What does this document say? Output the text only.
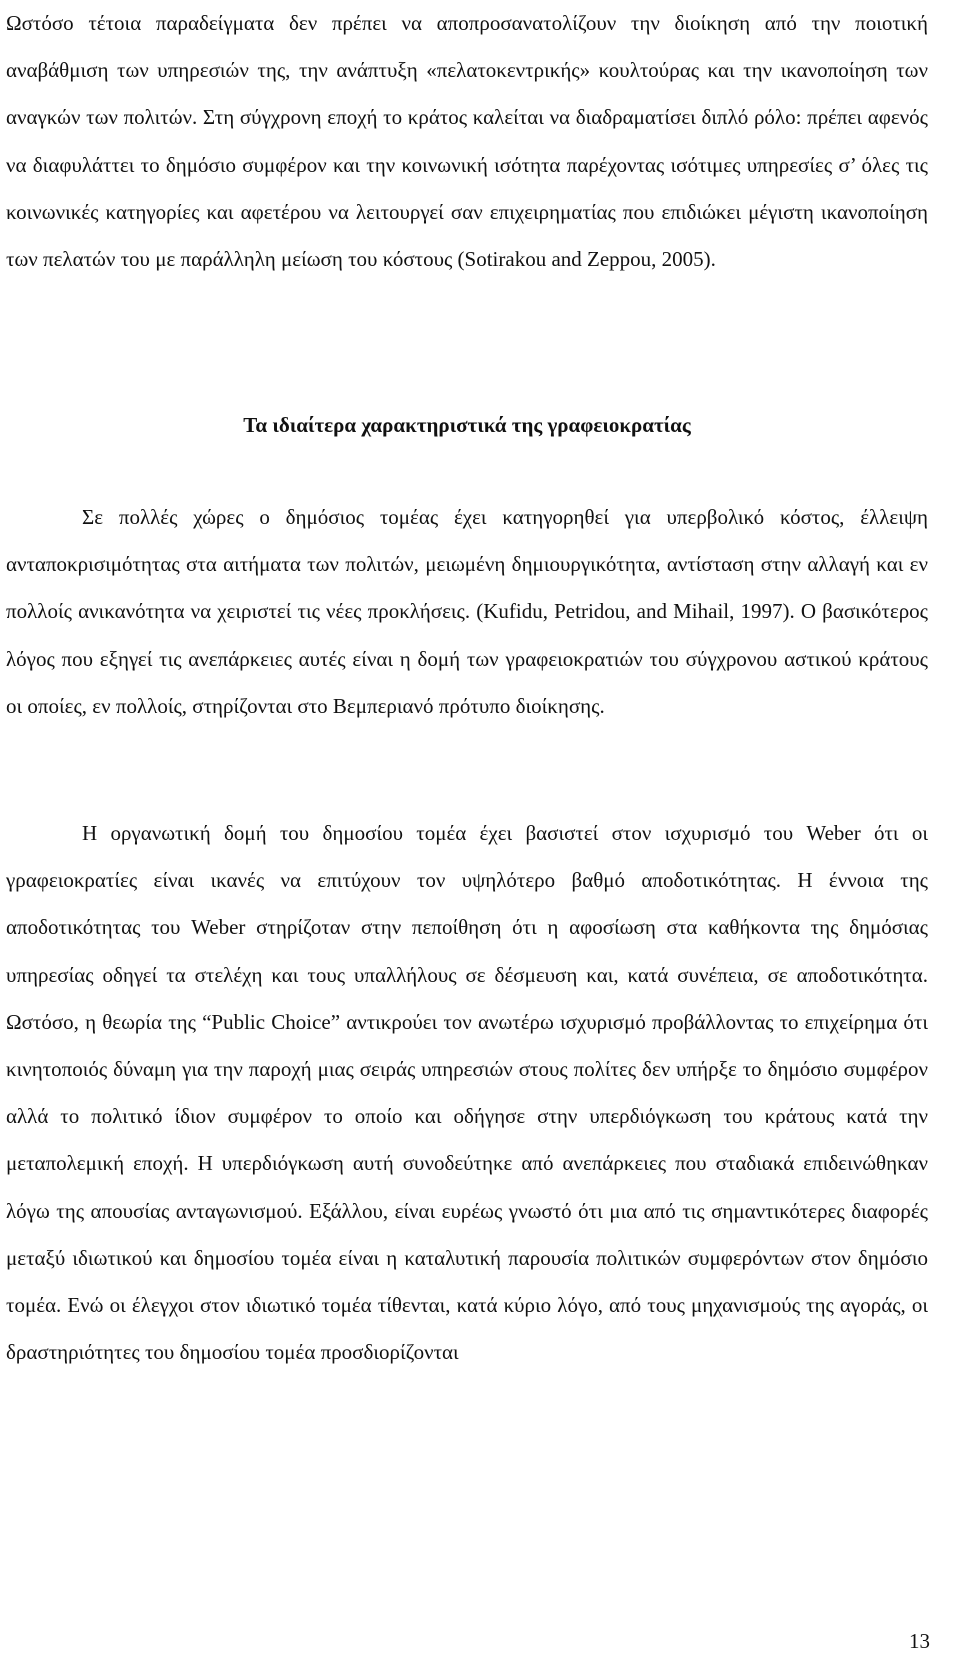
Ωστόσο τέτοια παραδείγματα δεν πρέπει να αποπροσανατολίζουν την διοίκηση από την ποιοτική αναβάθμιση των υπηρεσιών της, την ανάπτυξη «πελατοκεντρικής» κουλτούρας και την ικανοποίηση των αναγκών των πολιτών. Στη σύγχρονη εποχή το κράτος καλείται να διαδραματίσει διπλό ρόλο: πρέπει αφενός να διαφυλάττει το δημόσιο συμφέρον και την κοινωνική ισότητα παρέχοντας ισότιμες υπηρεσίες σ’ όλες τις κοινωνικές κατηγορίες και αφετέρου να λειτουργεί σαν επιχειρηματίας που επιδιώκει μέγιστη ικανοποίηση των πελατών του με παράλληλη μείωση του κόστους (Sotirakou and Zeppou, 2005).

Τα ιδιαίτερα χαρακτηριστικά της γραφειοκρατίας

Σε πολλές χώρες ο δημόσιος τομέας έχει κατηγορηθεί για υπερβολικό κόστος, έλλειψη ανταποκρισιμότητας στα αιτήματα των πολιτών, μειωμένη δημιουργικότητα, αντίσταση στην αλλαγή και εν πολλοίς ανικανότητα να χειριστεί τις νέες προκλήσεις. (Kufidu, Petridou, and Mihail, 1997). Ο βασικότερος λόγος που εξηγεί τις ανεπάρκειες αυτές είναι η δομή των γραφειοκρατιών του σύγχρονου αστικού κράτους οι οποίες, εν πολλοίς, στηρίζονται στο Βεμπεριανό πρότυπο διοίκησης.

Η οργανωτική δομή του δημοσίου τομέα έχει βασιστεί στον ισχυρισμό του Weber ότι οι γραφειοκρατίες είναι ικανές να επιτύχουν τον υψηλότερο βαθμό αποδοτικότητας. Η έννοια της αποδοτικότητας του Weber στηρίζοταν στην πεποίθηση ότι η αφοσίωση στα καθήκοντα της δημόσιας υπηρεσίας οδηγεί τα στελέχη και τους υπαλλήλους σε δέσμευση και, κατά συνέπεια, σε αποδοτικότητα. Ωστόσο, η θεωρία της “Public Choice” αντικρούει τον ανωτέρω ισχυρισμό προβάλλοντας το επιχείρημα ότι κινητοποιός δύναμη για την παροχή μιας σειράς υπηρεσιών στους πολίτες δεν υπήρξε το δημόσιο συμφέρον αλλά το πολιτικό ίδιον συμφέρον το οποίο και οδήγησε στην υπερδιόγκωση του κράτους κατά την μεταπολεμική εποχή. Η υπερδιόγκωση αυτή συνοδεύτηκε από ανεπάρκειες που σταδιακά επιδεινώθηκαν λόγω της απουσίας ανταγωνισμού. Εξάλλου, είναι ευρέως γνωστό ότι μια από τις σημαντικότερες διαφορές μεταξύ ιδιωτικού και δημοσίου τομέα είναι η καταλυτική παρουσία πολιτικών συμφερόντων στον δημόσιο τομέα. Ενώ οι έλεγχοι στον ιδιωτικό τομέα τίθενται, κατά κύριο λόγο, από τους μηχανισμούς της αγοράς, οι δραστηριότητες του δημοσίου τομέα προσδιορίζονται

13
